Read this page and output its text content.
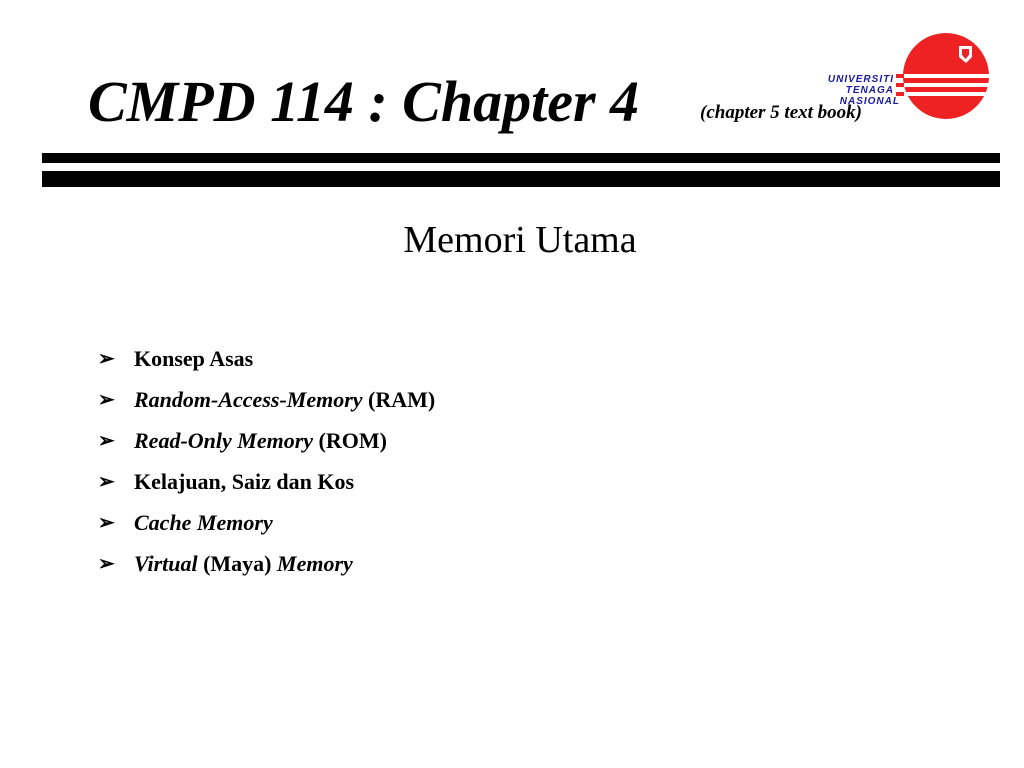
CMPD 114 : Chapter 4	(chapter 5 text book)
UNIVERSITI
TENAGA
NASIONAL
Memori Utama
➢ Konsep Asas
➢ Random-Access-Memory (RAM)
➢ Read-Only Memory (ROM)
➢ Kelajuan, Saiz dan Kos
➢ Cache Memory
➢ Virtual (Maya) Memory
